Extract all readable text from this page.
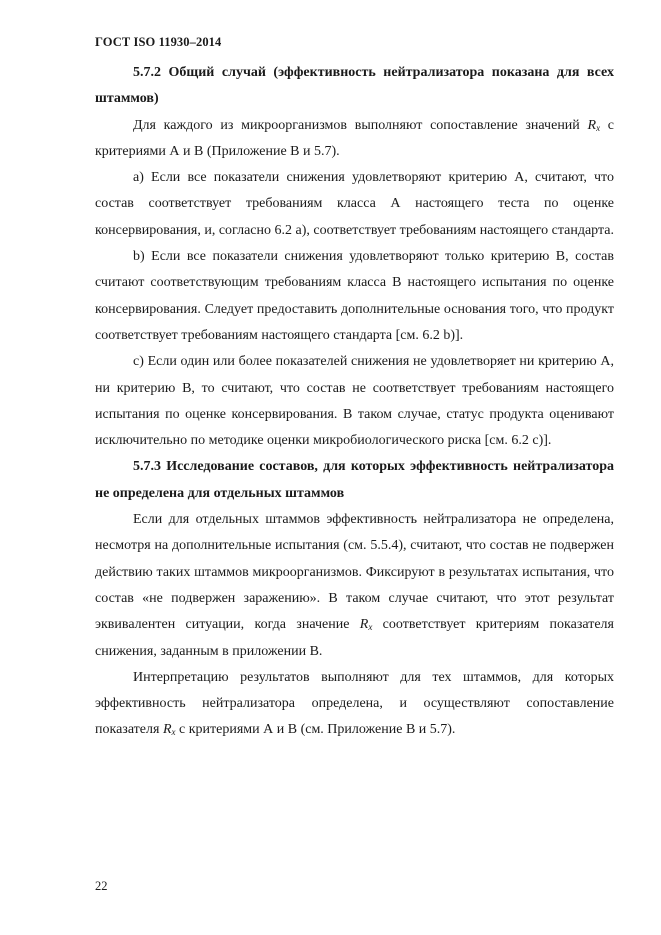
ГОСТ ISO 11930–2014

5.7.2 Общий случай (эффективность нейтрализатора показана для всех штаммов)

Для каждого из микроорганизмов выполняют сопоставление значений $R_x$ с критериями А и В (Приложение В и 5.7).

а) Если все показатели снижения удовлетворяют критерию А, считают, что состав соответствует требованиям класса А настоящего теста по оценке консервирования, и, согласно 6.2 а), соответствует требованиям настоящего стандарта.

b) Если все показатели снижения удовлетворяют только критерию В, состав считают соответствующим требованиям класса В настоящего испытания по оценке консервирования. Следует предоставить дополнительные основания того, что продукт соответствует требованиям настоящего стандарта [см. 6.2 b)].

с) Если один или более показателей снижения не удовлетворяет ни критерию А, ни критерию В, то считают, что состав не соответствует требованиям настоящего испытания по оценке консервирования. В таком случае, статус продукта оценивают исключительно по методике оценки микробиологического риска [см. 6.2 с)].

5.7.3 Исследование составов, для которых эффективность нейтрализатора не определена для отдельных штаммов

Если для отдельных штаммов эффективность нейтрализатора не определена, несмотря на дополнительные испытания (см. 5.5.4), считают, что состав не подвержен действию таких штаммов микроорганизмов. Фиксируют в результатах испытания, что состав «не подвержен заражению». В таком случае считают, что этот результат эквивалентен ситуации, когда значение $R_x$ соответствует критериям показателя снижения, заданным в приложении В.

Интерпретацию результатов выполняют для тех штаммов, для которых эффективность нейтрализатора определена, и осуществляют сопоставление показателя $R_x$ с критериями А и В (см. Приложение В и 5.7).

22
